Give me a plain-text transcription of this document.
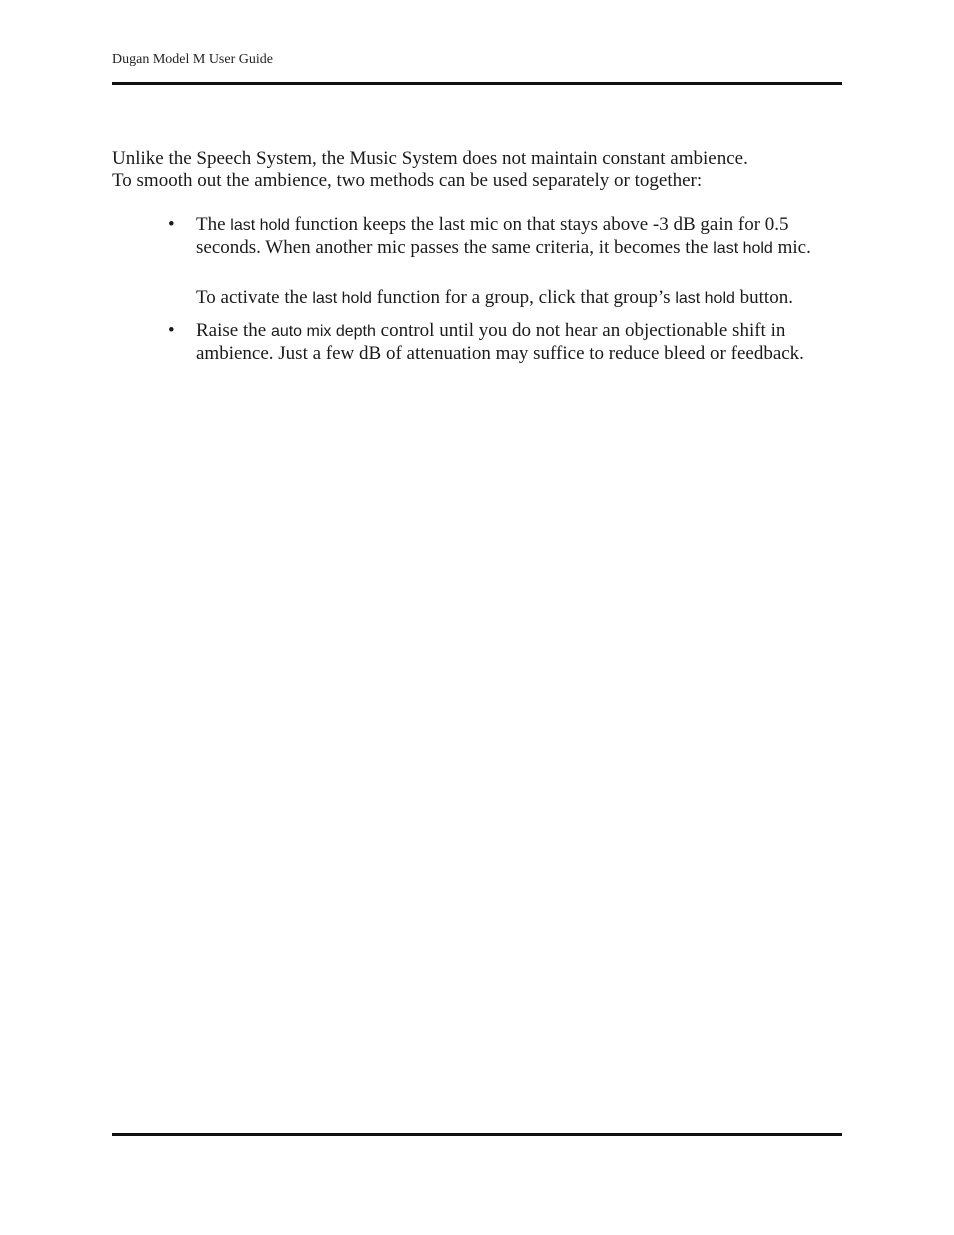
Dugan Model M User Guide
Unlike the Speech System, the Music System does not maintain constant ambience.
To smooth out the ambience, two methods can be used separately or together:
• The last hold function keeps the last mic on that stays above -3 dB gain for 0.5 seconds. When another mic passes the same criteria, it becomes the last hold mic.
To activate the last hold function for a group, click that group’s last hold button.
• Raise the auto mix depth control until you do not hear an objectionable shift in ambience. Just a few dB of attenuation may suffice to reduce bleed or feedback.
